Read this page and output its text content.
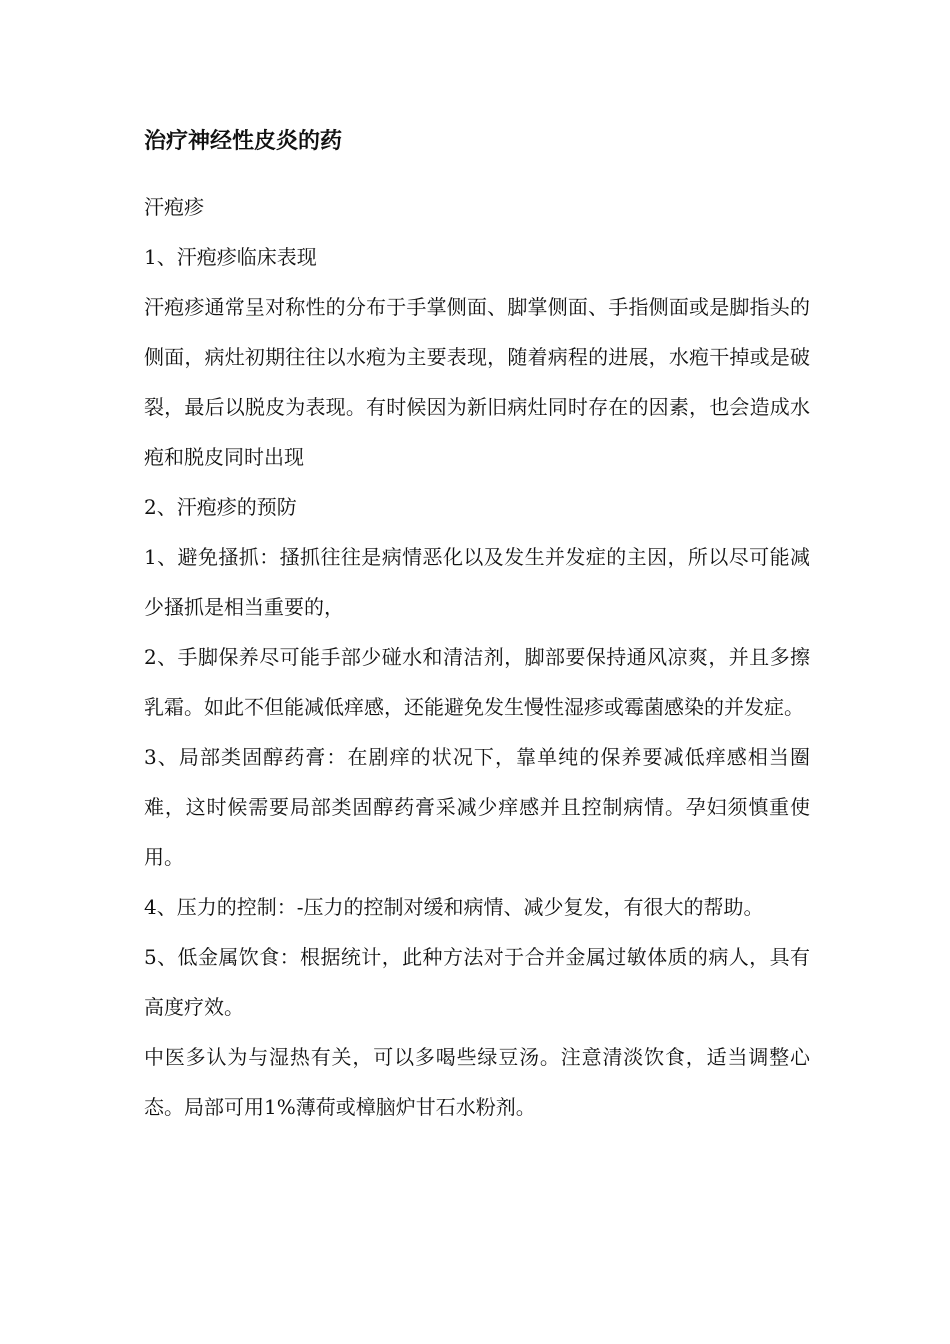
治疗神经性皮炎的药

汗疱疹

1、汗疱疹临床表现

汗疱疹通常呈对称性的分布于手掌侧面、脚掌侧面、手指侧面或是脚指头的侧面，病灶初期往往以水疱为主要表现，随着病程的进展，水疱干掉或是破裂，最后以脱皮为表现。有时候因为新旧病灶同时存在的因素，也会造成水疱和脱皮同时出现

2、汗疱疹的预防

1、避免搔抓：搔抓往往是病情恶化以及发生并发症的主因，所以尽可能减少搔抓是相当重要的，

2、手脚保养尽可能手部少碰水和清洁剂，脚部要保持通风凉爽，并且多擦乳霜。如此不但能减低痒感，还能避免发生慢性湿疹或霉菌感染的并发症。

3、局部类固醇药膏：在剧痒的状况下，靠单纯的保养要减低痒感相当圈难，这时候需要局部类固醇药膏采减少痒感并且控制病情。孕妇须慎重使用。

4、压力的控制：-压力的控制对缓和病情、减少复发，有很大的帮助。

5、低金属饮食：根据统计，此种方法对于合并金属过敏体质的病人，具有高度疗效。

中医多认为与湿热有关，可以多喝些绿豆汤。注意清淡饮食，适当调整心态。局部可用1%薄荷或樟脑炉甘石水粉剂。
